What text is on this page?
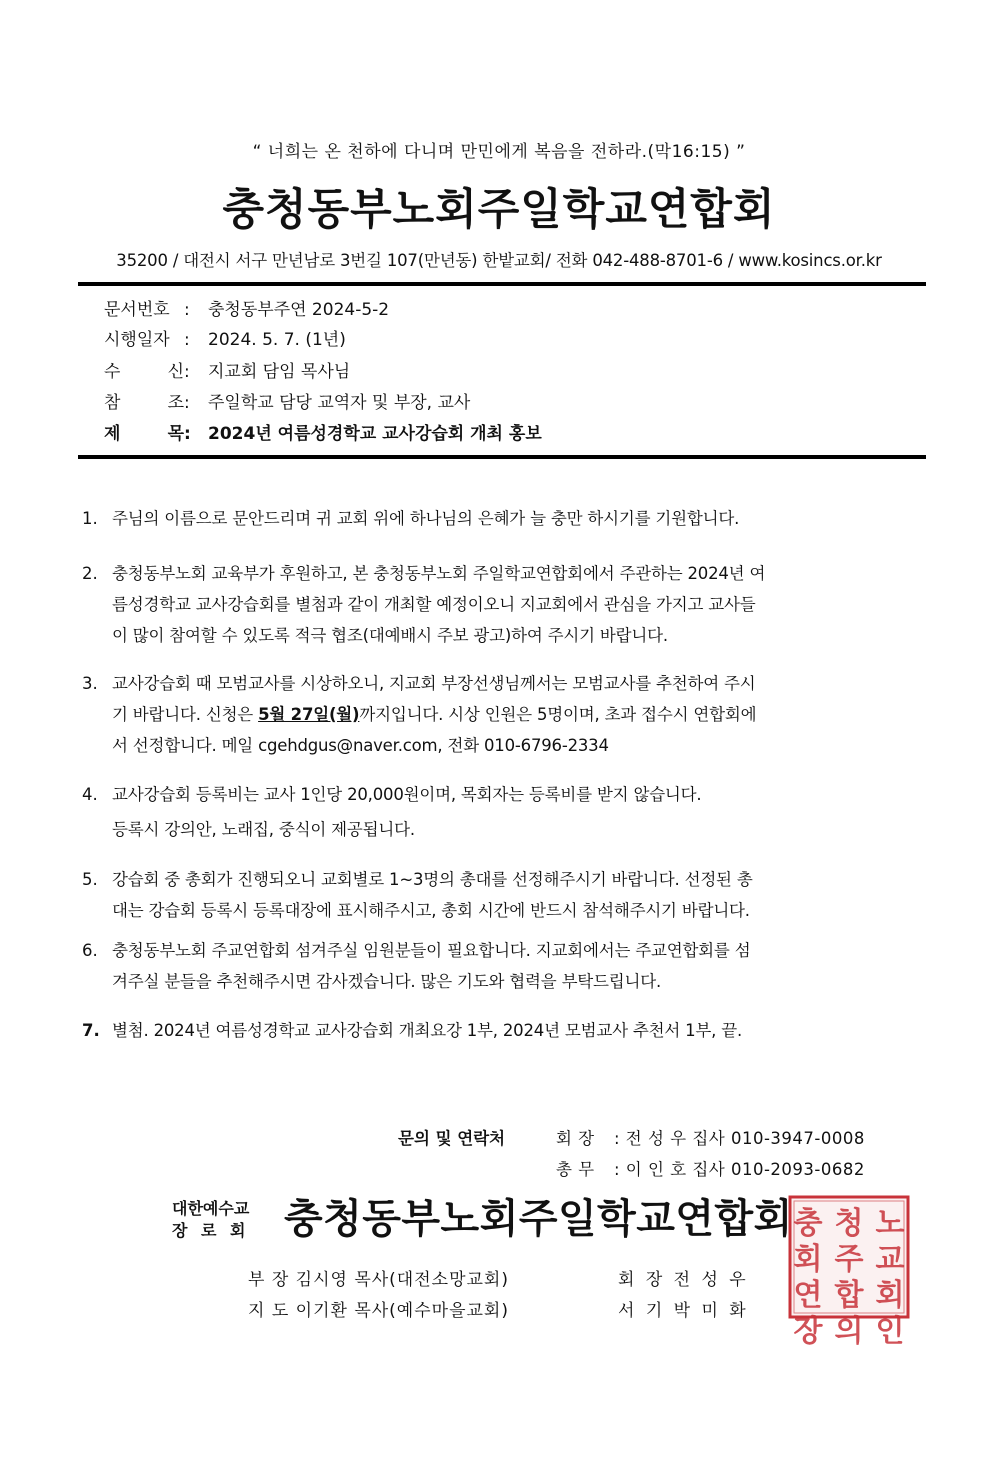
“ 너희는 온 천하에 다니며 만민에게 복음을 전하라.(막16:15) ”
충청동부노회주일학교연합회
35200 / 대전시 서구 만년남로 3번길 107(만년동) 한밭교회/ 전화 042-488-8701-6 / www.kosincs.or.kr
문서번호: 충청동부주연 2024-5-2
시행일자: 2024. 5. 7. (1년)
수 신: 지교회 담임 목사님
참 조: 주일학교 담당 교역자 및 부장, 교사
제 목: 2024년 여름성경학교 교사강습회 개최 홍보
1. 주님의 이름으로 문안드리며 귀 교회 위에 하나님의 은혜가 늘 충만 하시기를 기원합니다.
2. 충청동부노회 교육부가 후원하고, 본 충청동부노회 주일학교연합회에서 주관하는 2024년 여
름성경학교 교사강습회를 별첨과 같이 개최할 예정이오니 지교회에서 관심을 가지고 교사들
이 많이 참여할 수 있도록 적극 협조(대예배시 주보 광고)하여 주시기 바랍니다.
3. 교사강습회 때 모범교사를 시상하오니, 지교회 부장선생님께서는 모범교사를 추천하여 주시
기 바랍니다. 신청은 5월 27일(월)까지입니다. 시상 인원은 5명이며, 초과 접수시 연합회에
서 선정합니다. 메일 cgehdgus@naver.com, 전화 010-6796-2334
4. 교사강습회 등록비는 교사 1인당 20,000원이며, 목회자는 등록비를 받지 않습니다.
등록시 강의안, 노래집, 중식이 제공됩니다.
5. 강습회 중 총회가 진행되오니 교회별로 1~3명의 총대를 선정해주시기 바랍니다. 선정된 총
대는 강습회 등록시 등록대장에 표시해주시고, 총회 시간에 반드시 참석해주시기 바랍니다.
6. 충청동부노회 주교연합회 섬겨주실 임원분들이 필요합니다. 지교회에서는 주교연합회를 섬
겨주실 분들을 추천해주시면 감사겠습니다. 많은 기도와 협력을 부탁드립니다.
7. 별첨. 2024년 여름성경학교 교사강습회 개최요강 1부, 2024년 모범교사 추천서 1부, 끝.
문의 및 연락처	회 장 : 전 성 우 집사 010-3947-0008
총 무 : 이 인 호 집사 010-2093-0682
대한예수교
장 로 회 충청동부노회주일학교연합회
부 장 김시영 목사(대전소망교회)	회 장 전 성 우
지 도 이기환 목사(예수마을교회)	서 기 박 미 화
충 청 노
회 주 교
연 합 회
장 의 인
